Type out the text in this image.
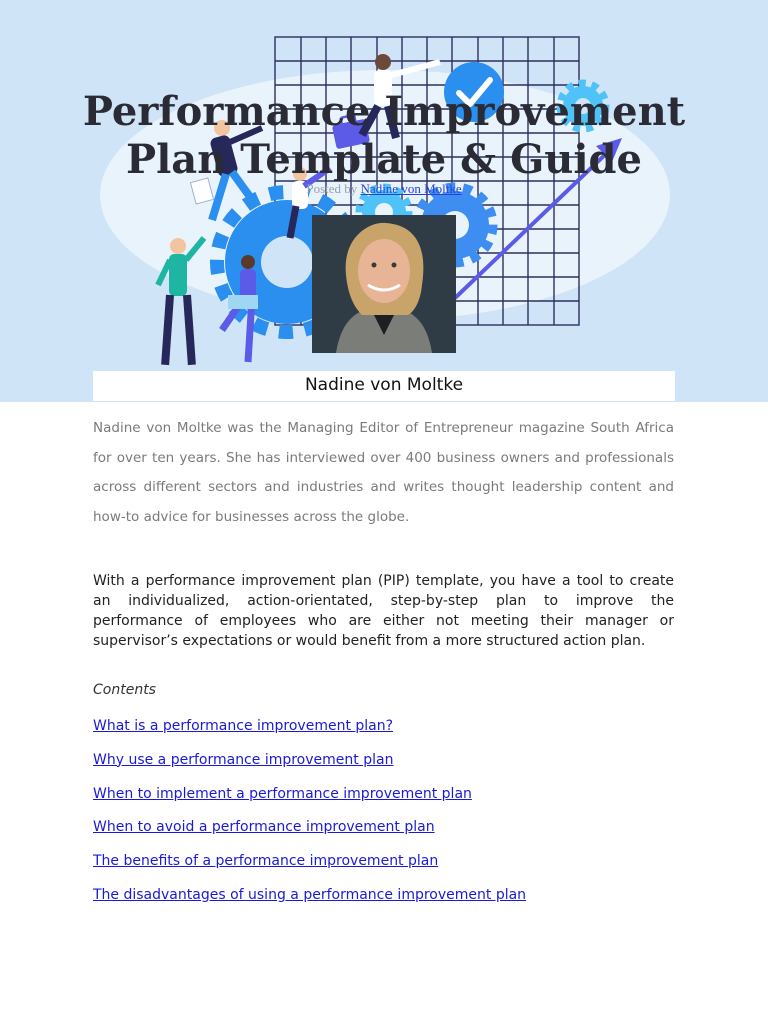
Performance Improvement
Plan Template & Guide
Posted by Nadine von Moltke
Nadine von Moltke

Nadine von Moltke was the Managing Editor of Entrepreneur magazine South Africa for over ten years. She has interviewed over 400 business owners and professionals across different sectors and industries and writes thought leadership content and how-to advice for businesses across the globe.

With a performance improvement plan (PIP) template, you have a tool to create an individualized, action-orientated, step-by-step plan to improve the performance of employees who are either not meeting their manager or supervisor’s expectations or would benefit from a more structured action plan.

Contents
What is a performance improvement plan?
Why use a performance improvement plan
When to implement a performance improvement plan
When to avoid a performance improvement plan
The benefits of a performance improvement plan
The disadvantages of using a performance improvement plan
